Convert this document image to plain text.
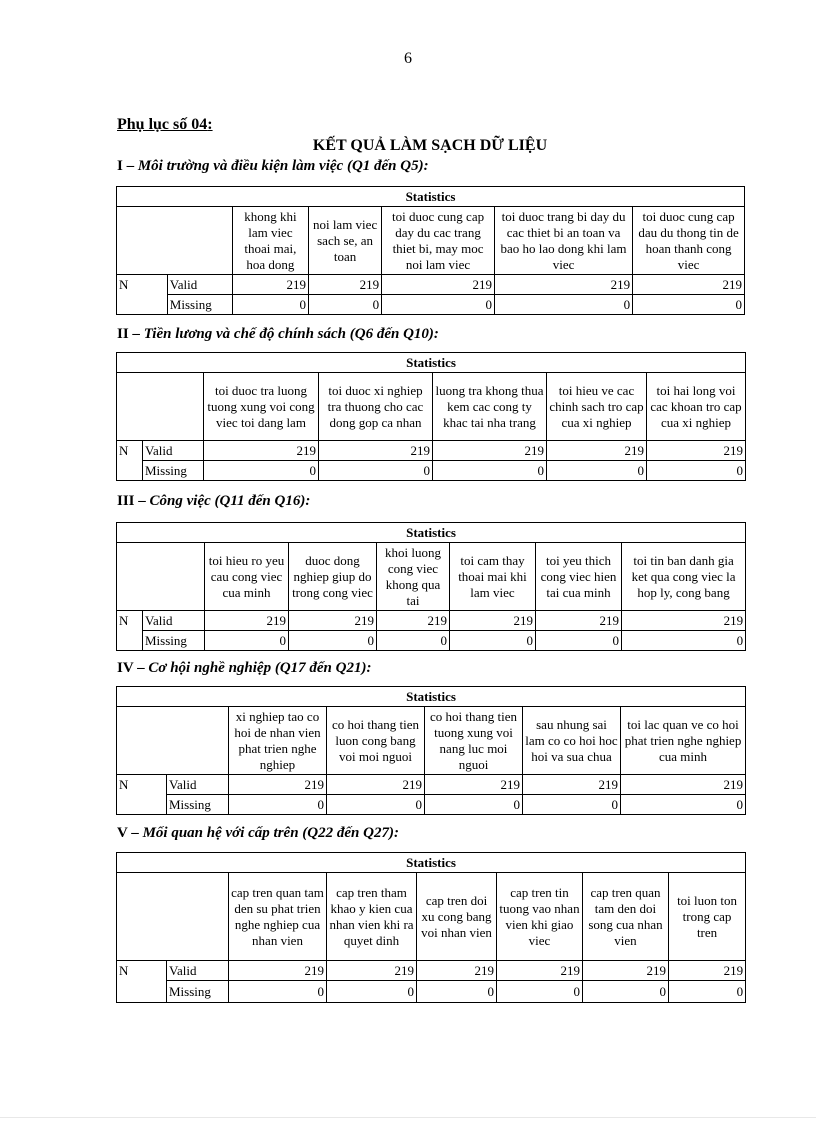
6
Phụ lục số 04:
KẾT QUẢ LÀM SẠCH DỮ LIỆU
I – Môi trường và điều kiện làm việc (Q1 đến Q5):
Statistics						
		khong khi lam viec thoai mai, hoa dong	noi lam viec sach se, an toan	toi duoc cung cap day du cac trang thiet bi, may moc noi lam viec	toi duoc trang bi day du cac thiet bi an toan va bao ho lao dong khi lam viec	toi duoc cung cap dau du thong tin de hoan thanh cong viec
N	Valid	219	219	219	219	219
	Missing	0	0	0	0	0
II – Tiền lương và chế độ chính sách (Q6 đến Q10):
Statistics						
		toi duoc tra luong tuong xung voi cong viec toi dang lam	toi duoc xi nghiep tra thuong cho cac dong gop ca nhan	luong tra khong thua kem cac cong ty khac tai nha trang	toi hieu ve cac chinh sach tro cap cua xi nghiep	toi hai long voi cac khoan tro cap cua xi nghiep
N	Valid	219	219	219	219	219
	Missing	0	0	0	0	0
III – Công việc (Q11 đến Q16):
Statistics							
		toi hieu ro yeu cau cong viec cua minh	duoc dong nghiep giup do trong cong viec	khoi luong cong viec khong qua tai	toi cam thay thoai mai khi lam viec	toi yeu thich cong viec hien tai cua minh	toi tin ban danh gia ket qua cong viec la hop ly, cong bang
N	Valid	219	219	219	219	219	219
	Missing	0	0	0	0	0	0
IV – Cơ hội nghề nghiệp (Q17 đến Q21):
Statistics						
		xi nghiep tao co hoi de nhan vien phat trien nghe nghiep	co hoi thang tien luon cong bang voi moi nguoi	co hoi thang tien tuong xung voi nang luc moi nguoi	sau nhung sai lam co co hoi hoc hoi va sua chua	toi lac quan ve co hoi phat trien nghe nghiep cua minh
N	Valid	219	219	219	219	219
	Missing	0	0	0	0	0
V – Mối quan hệ với cấp trên (Q22 đến Q27):
Statistics							
		cap tren quan tam den su phat trien nghe nghiep cua nhan vien	cap tren tham khao y kien cua nhan vien khi ra quyet dinh	cap tren doi xu cong bang voi nhan vien	cap tren tin tuong vao nhan vien khi giao viec	cap tren quan tam den doi song cua nhan vien	toi luon ton trong cap tren
N	Valid	219	219	219	219	219	219
	Missing	0	0	0	0	0	0
